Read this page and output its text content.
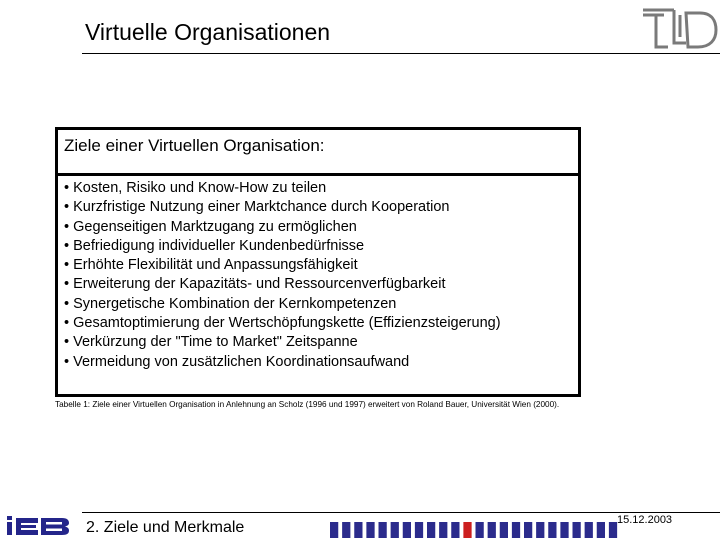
Virtuelle Organisationen
Ziele einer Virtuellen Organisation:
• Kosten, Risiko und Know-How zu teilen
• Kurzfristige Nutzung einer Marktchance durch Kooperation
• Gegenseitigen Marktzugang zu ermöglichen
• Befriedigung individueller Kundenbedürfnisse
• Erhöhte Flexibilität und Anpassungsfähigkeit
• Erweiterung der Kapazitäts- und Ressourcenverfügbarkeit
• Synergetische Kombination der Kernkompetenzen
• Gesamtoptimierung der Wertschöpfungskette (Effizienzsteigerung)
• Verkürzung der "Time to Market" Zeitspanne
• Vermeidung von zusätzlichen Koordinationsaufwand
Tabelle 1: Ziele einer Virtuellen Organisation in Anlehnung an Scholz (1996 und 1997) erweitert von Roland Bauer, Universität Wien (2000).
2. Ziele und Merkmale	15.12.2003
